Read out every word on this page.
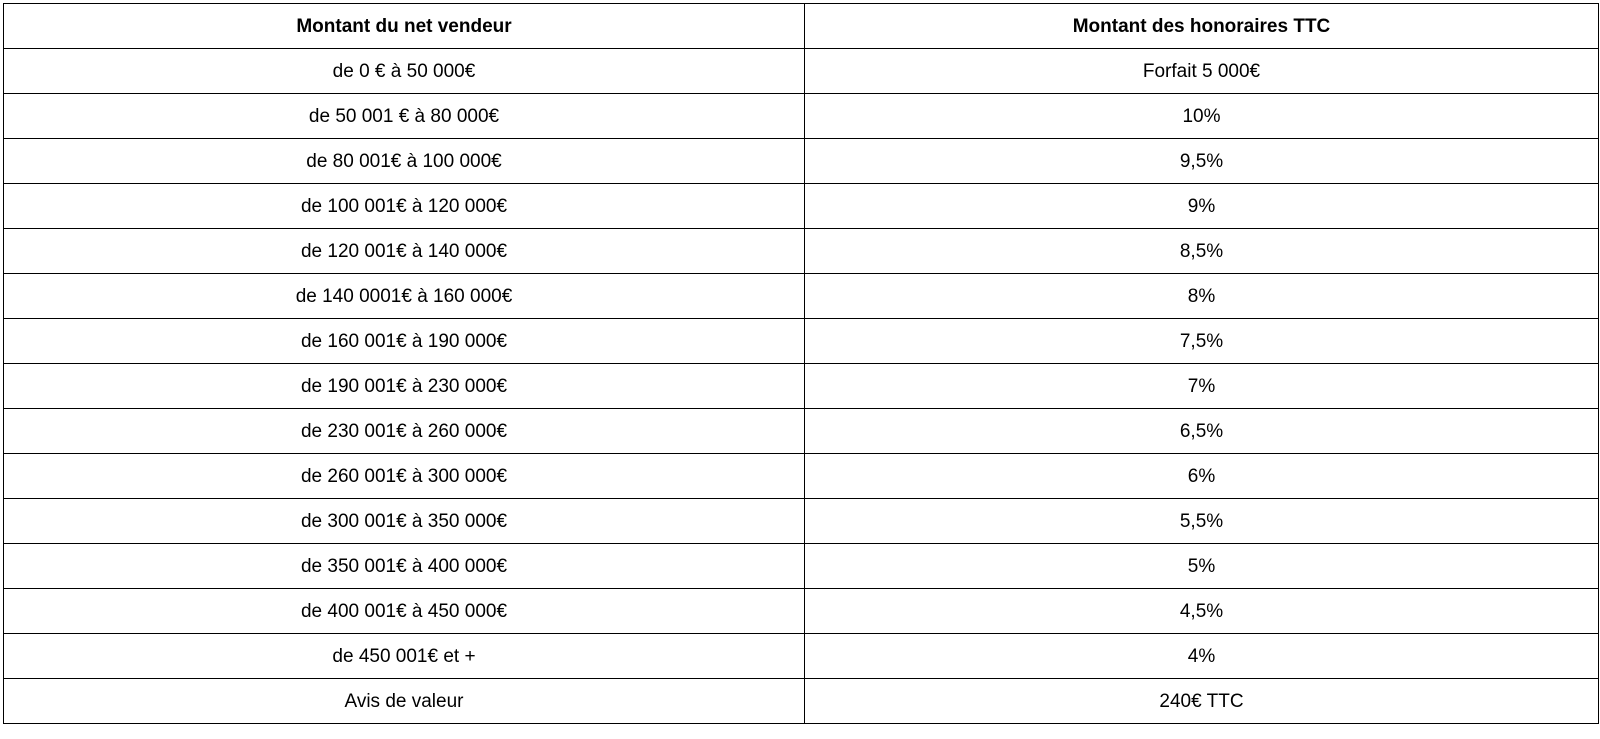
Montant du net vendeur	Montant des honoraires TTC
de 0 € à 50 000€	Forfait 5 000€
de 50 001 € à 80 000€	10%
de 80 001€ à 100 000€	9,5%
de 100 001€ à 120 000€	9%
de 120 001€ à 140 000€	8,5%
de 140 0001€ à 160 000€	8%
de 160 001€ à 190 000€	7,5%
de 190 001€ à 230 000€	7%
de 230 001€ à 260 000€	6,5%
de 260 001€ à 300 000€	6%
de 300 001€ à 350 000€	5,5%
de 350 001€ à 400 000€	5%
de 400 001€ à 450 000€	4,5%
de 450 001€ et +	4%
Avis de valeur	240€ TTC
